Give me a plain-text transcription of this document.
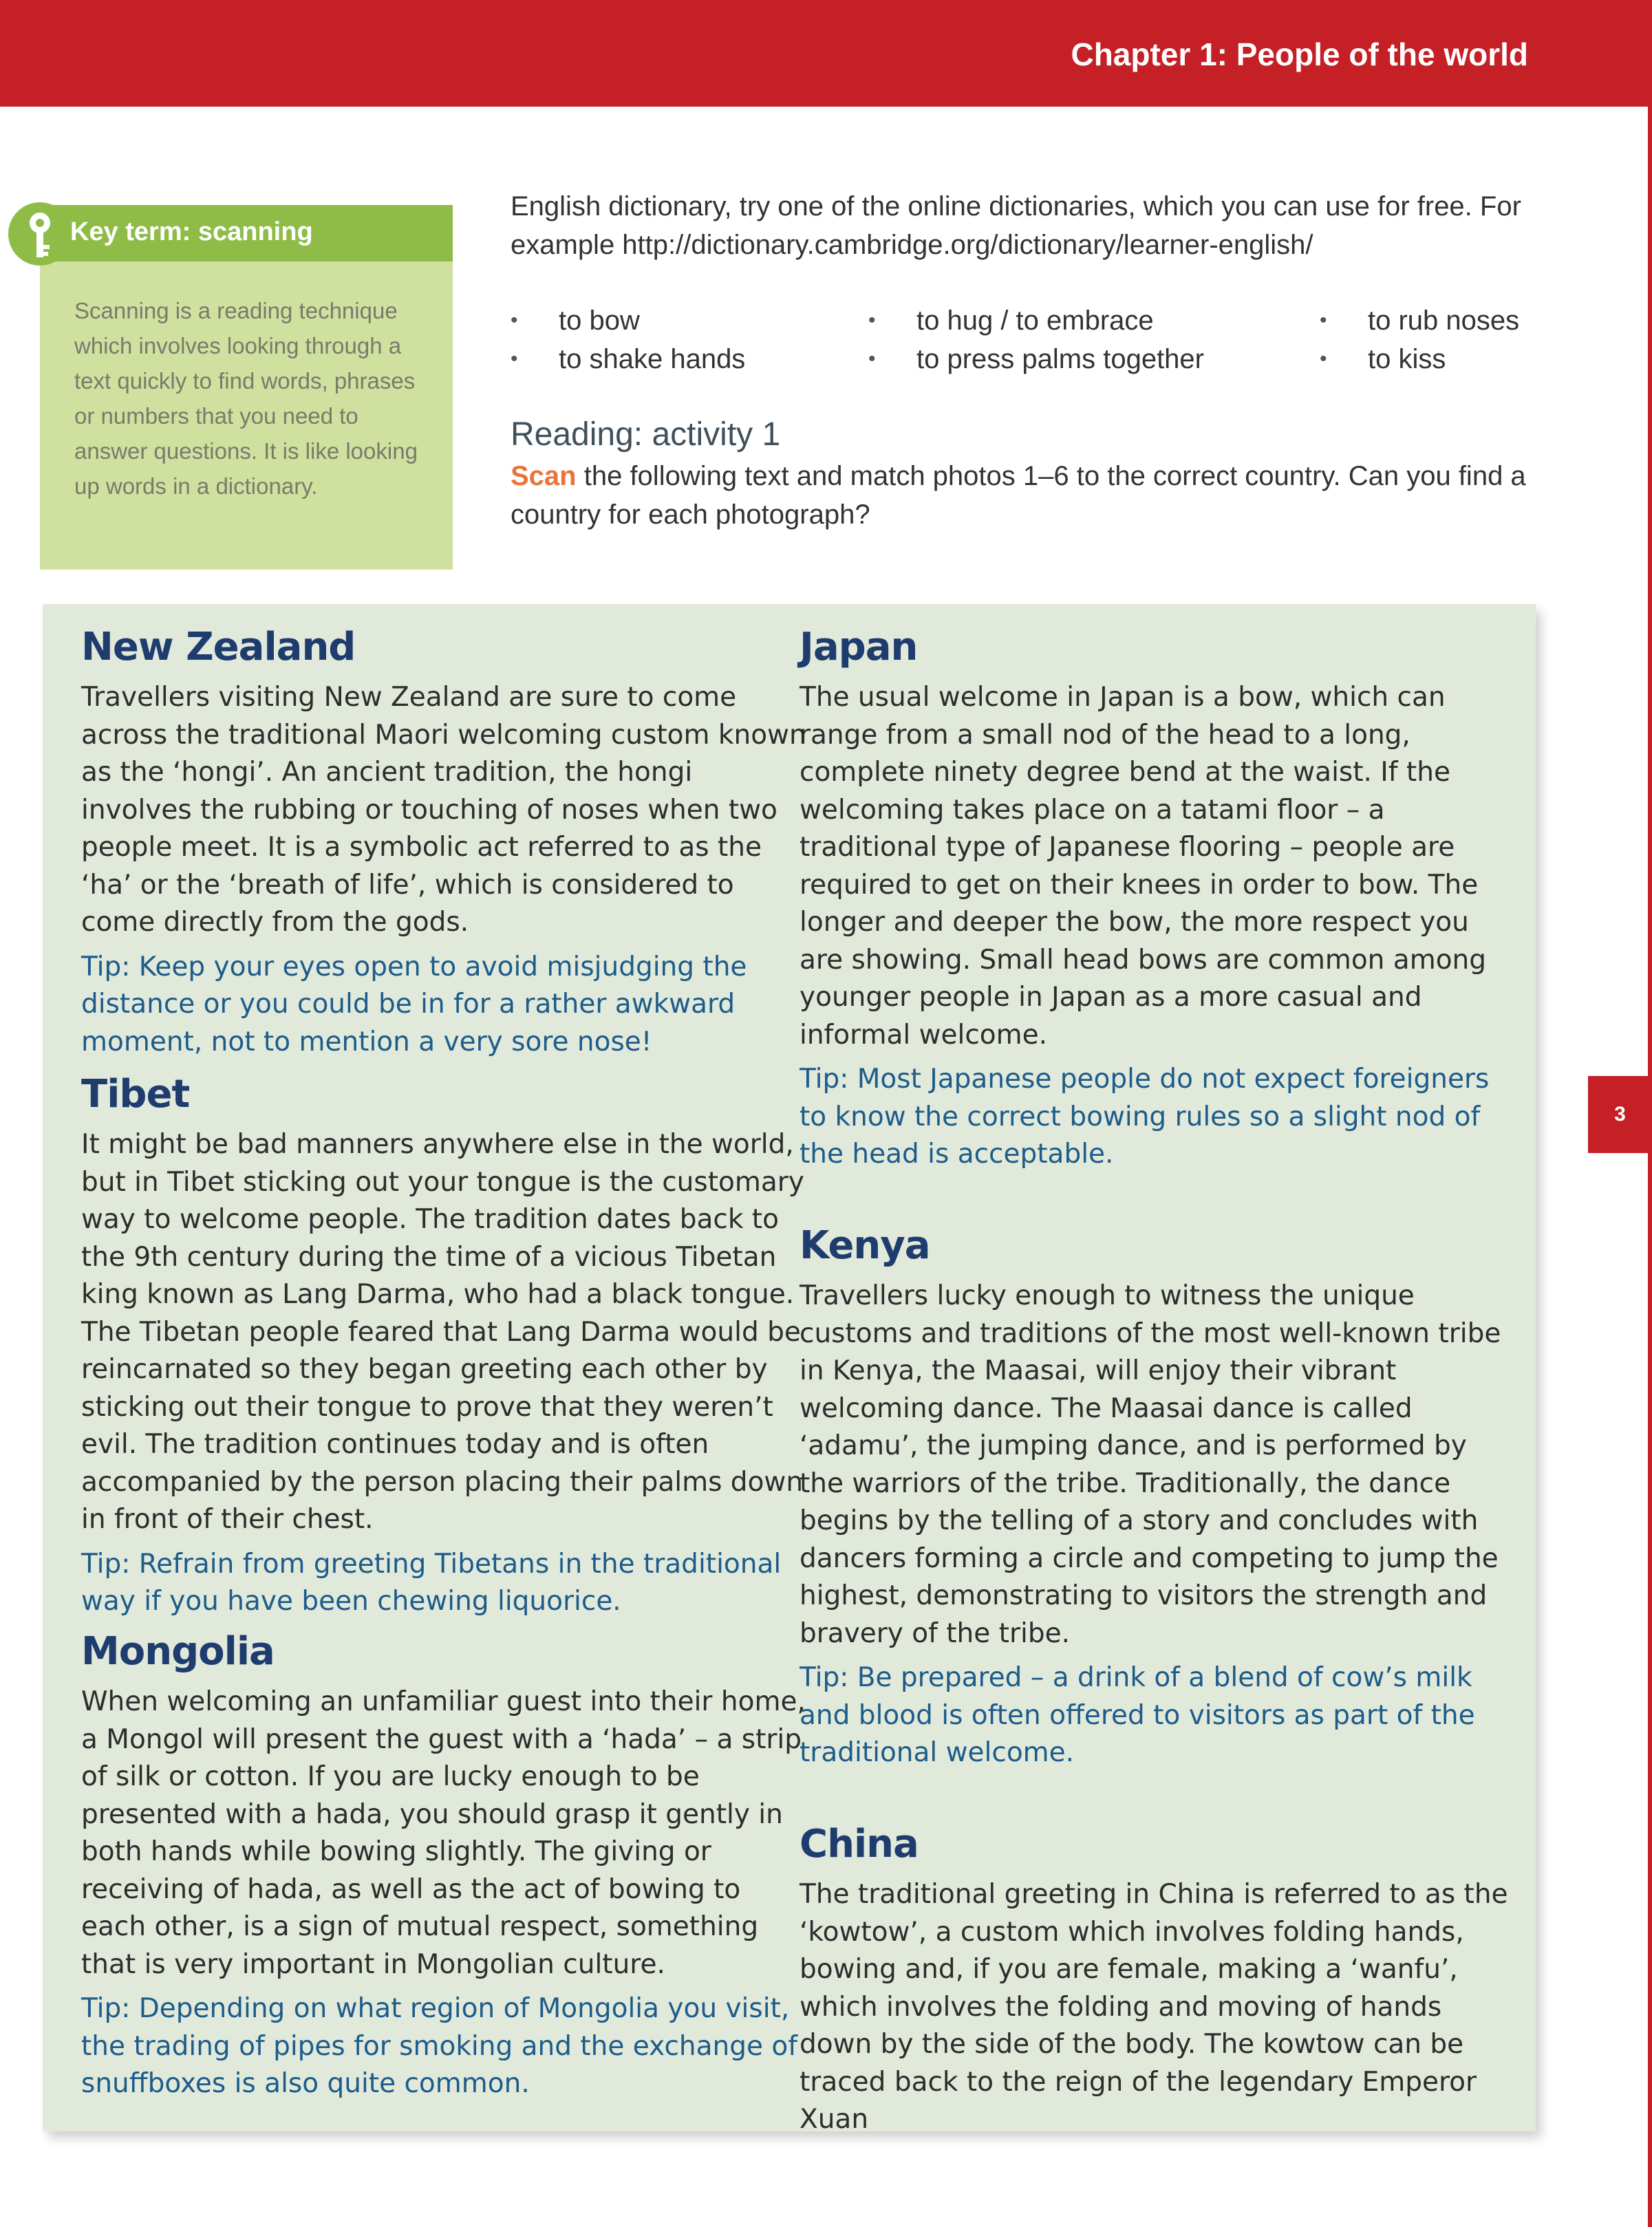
Chapter 1: People of the world
Key term: scanning
Scanning is a reading technique which involves looking through a text quickly to find words, phrases or numbers that you need to answer questions. It is like looking up words in a dictionary.
English dictionary, try one of the online dictionaries, which you can use for free. For example http://dictionary.cambridge.org/dictionary/learner-english/
• to bow
• to shake hands
• to hug / to embrace
• to press palms together
• to rub noses
• to kiss
Reading: activity 1
Scan the following text and match photos 1–6 to the correct country. Can you find a country for each photograph?
New Zealand

Travellers visiting New Zealand are sure to come across the traditional Maori welcoming custom known as the ‘hongi’. An ancient tradition, the hongi involves the rubbing or touching of noses when two people meet. It is a symbolic act referred to as the ‘ha’ or the ‘breath of life’, which is considered to come directly from the gods.

Tip: Keep your eyes open to avoid misjudging the distance or you could be in for a rather awkward moment, not to mention a very sore nose!

Tibet

It might be bad manners anywhere else in the world, but in Tibet sticking out your tongue is the customary way to welcome people. The tradition dates back to the 9th century during the time of a vicious Tibetan king known as Lang Darma, who had a black tongue. The Tibetan people feared that Lang Darma would be reincarnated so they began greeting each other by sticking out their tongue to prove that they weren’t evil. The tradition continues today and is often accompanied by the person placing their palms down in front of their chest.

Tip: Refrain from greeting Tibetans in the traditional way if you have been chewing liquorice.

Mongolia

When welcoming an unfamiliar guest into their home, a Mongol will present the guest with a ‘hada’ – a strip of silk or cotton. If you are lucky enough to be presented with a hada, you should grasp it gently in both hands while bowing slightly. The giving or receiving of hada, as well as the act of bowing to each other, is a sign of mutual respect, something that is very important in Mongolian culture.

Tip: Depending on what region of Mongolia you visit, the trading of pipes for smoking and the exchange of snuffboxes is also quite common.

Japan

The usual welcome in Japan is a bow, which can range from a small nod of the head to a long, complete ninety degree bend at the waist. If the welcoming takes place on a tatami floor – a traditional type of Japanese flooring – people are required to get on their knees in order to bow. The longer and deeper the bow, the more respect you are showing. Small head bows are common among younger people in Japan as a more casual and informal welcome.

Tip: Most Japanese people do not expect foreigners to know the correct bowing rules so a slight nod of the head is acceptable.

Kenya

Travellers lucky enough to witness the unique customs and traditions of the most well-known tribe in Kenya, the Maasai, will enjoy their vibrant welcoming dance. The Maasai dance is called ‘adamu’, the jumping dance, and is performed by the warriors of the tribe. Traditionally, the dance begins by the telling of a story and concludes with dancers forming a circle and competing to jump the highest, demonstrating to visitors the strength and bravery of the tribe.

Tip: Be prepared – a drink of a blend of cow’s milk and blood is often offered to visitors as part of the traditional welcome.

China

The traditional greeting in China is referred to as the ‘kowtow’, a custom which involves folding hands, bowing and, if you are female, making a ‘wanfu’, which involves the folding and moving of hands down by the side of the body. The kowtow can be traced back to the reign of the legendary Emperor Xuan

3
